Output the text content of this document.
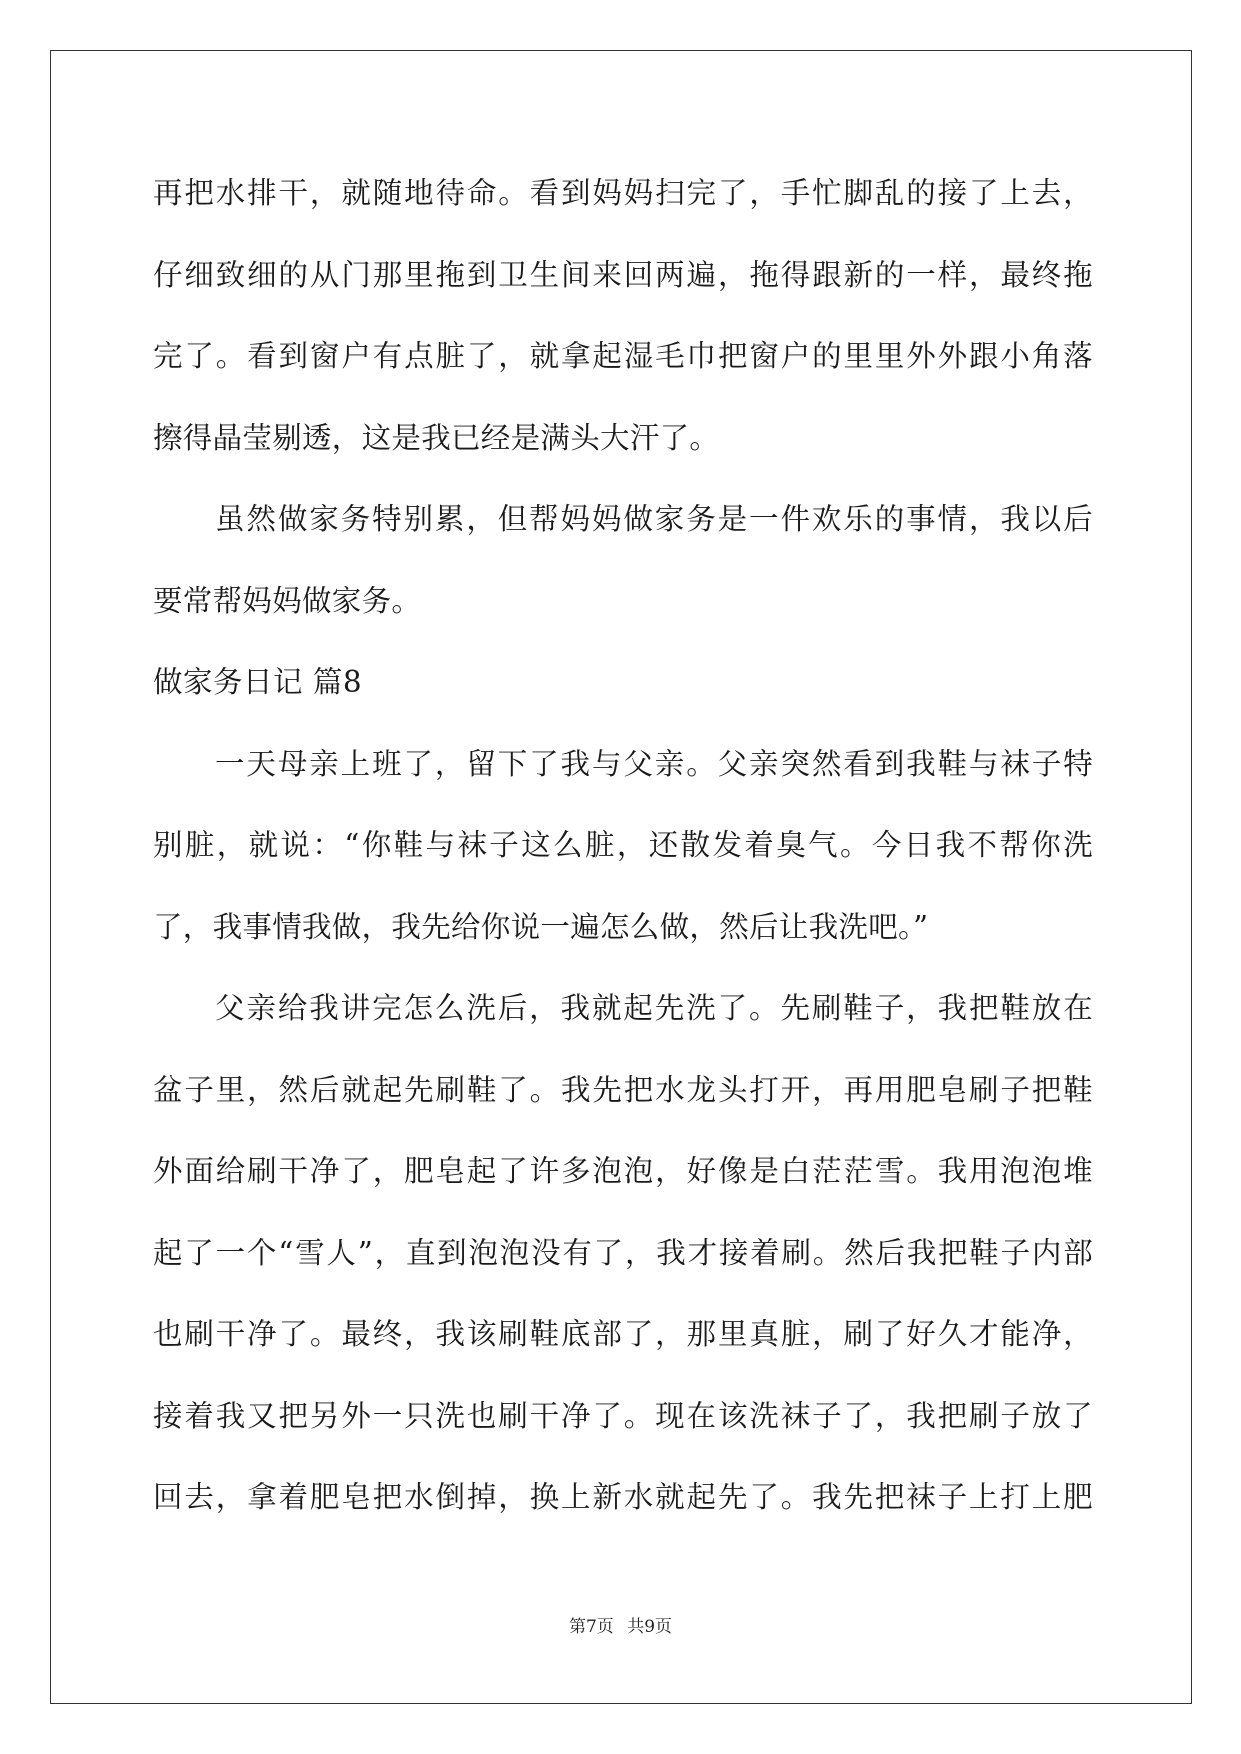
再把水排干，就随地待命。看到妈妈扫完了，手忙脚乱的接了上去，
仔细致细的从门那里拖到卫生间来回两遍，拖得跟新的一样，最终拖
完了。看到窗户有点脏了，就拿起湿毛巾把窗户的里里外外跟小角落
擦得晶莹剔透，这是我已经是满头大汗了。
虽然做家务特别累，但帮妈妈做家务是一件欢乐的事情，我以后
要常帮妈妈做家务。
做家务日记 篇8
一天母亲上班了，留下了我与父亲。父亲突然看到我鞋与袜子特
别脏，就说：“你鞋与袜子这么脏，还散发着臭气。今日我不帮你洗
了，我事情我做，我先给你说一遍怎么做，然后让我洗吧。”
父亲给我讲完怎么洗后，我就起先洗了。先刷鞋子，我把鞋放在
盆子里，然后就起先刷鞋了。我先把水龙头打开，再用肥皂刷子把鞋
外面给刷干净了，肥皂起了许多泡泡，好像是白茫茫雪。我用泡泡堆
起了一个“雪人”，直到泡泡没有了，我才接着刷。然后我把鞋子内部
也刷干净了。最终，我该刷鞋底部了，那里真脏，刷了好久才能净，
接着我又把另外一只洗也刷干净了。现在该洗袜子了，我把刷子放了
回去，拿着肥皂把水倒掉，换上新水就起先了。我先把袜子上打上肥
第7页 共9页
